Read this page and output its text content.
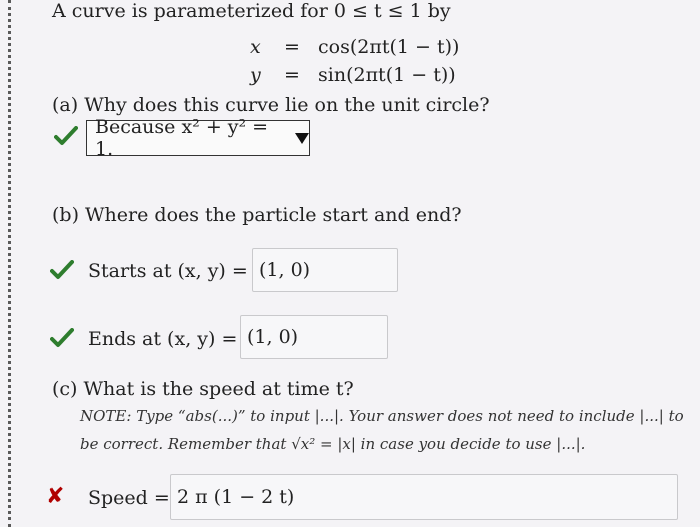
A curve is parameterized for 0 ≤ t ≤ 1 by
x = cos(2πt(1 − t))
y = sin(2πt(1 − t))
(a) Why does this curve lie on the unit circle?
Because x² + y² = 1.
(b) Where does the particle start and end?
Starts at (x, y) = (1, 0)
Ends at (x, y) = (1, 0)
(c) What is the speed at time t?
NOTE: Type “abs(...)” to input |...|. Your answer does not need to include |...| to
be correct. Remember that √x² = |x| in case you decide to use |...|.
✘ Speed = 2 π (1 − 2 t)
